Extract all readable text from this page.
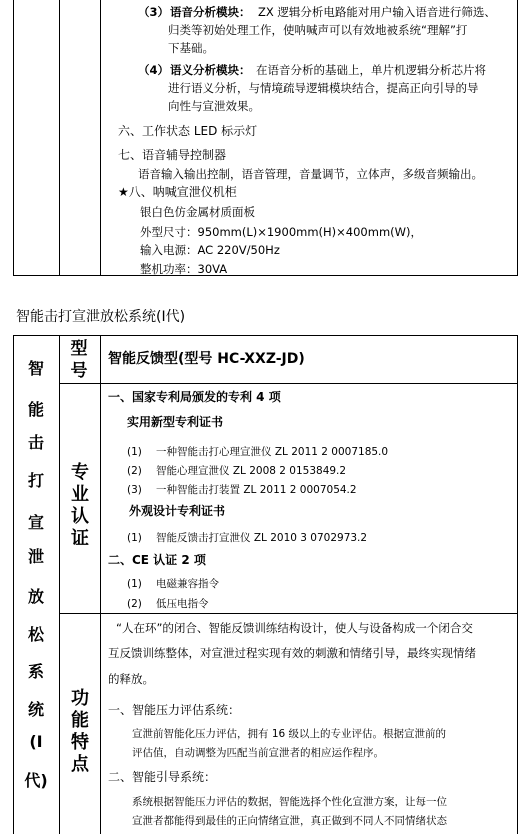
（3） 语音分析模块： ZX 逻辑分析电路能对用户输入语音进行筛选、
归类等初始处理工作，使呐喊声可以有效地被系统“理解”打
下基础。
（4） 语义分析模块： 在语音分析的基础上，单片机逻辑分析芯片将
进行语义分析，与情境疏导逻辑模块结合，提高正向引导的导
向性与宣泄效果。
六、工作状态 LED 标示灯
七、语音辅导控制器
语音输入输出控制，语音管理，音量调节，立体声，多级音频输出。
★八、呐喊宣泄仪机柜
银白色仿金属材质面板
外型尺寸：950mm(L)×1900mm(H)×400mm(W)，
输入电源：AC 220V/50Hz
整机功率：30VA
智能击打宣泄放松系统(Ⅰ代)
智
能
击
打
宣
泄
放
松
系
统
(Ⅰ
代)
型号
智能反馈型(型号 HC-XXZ-JD)
专业认证
一、国家专利局颁发的专利 4 项
实用新型专利证书
(1) 一种智能击打心理宣泄仪 ZL 2011 2 0007185.0
(2) 智能心理宣泄仪 ZL 2008 2 0153849.2
(3) 一种智能击打装置 ZL 2011 2 0007054.2
外观设计专利证书
(1) 智能反馈击打宣泄仪 ZL 2010 3 0702973.2
二、CE 认证 2 项
(1) 电磁兼容指令
(2) 低压电指令
功能特点
“人在环”的闭合、智能反馈训练结构设计，使人与设备构成一个闭合交
互反馈训练整体，对宣泄过程实现有效的刺激和情绪引导，最终实现情绪
的释放。
一、智能压力评估系统：
宣泄前智能化压力评估，拥有 16 级以上的专业评估。根据宣泄前的
评估值，自动调整为匹配当前宣泄者的相应运作程序。
二、智能引导系统：
系统根据智能压力评估的数据，智能选择个性化宣泄方案，让每一位
宣泄者都能得到最佳的正向情绪宣泄，真正做到不同人不同情绪状态
